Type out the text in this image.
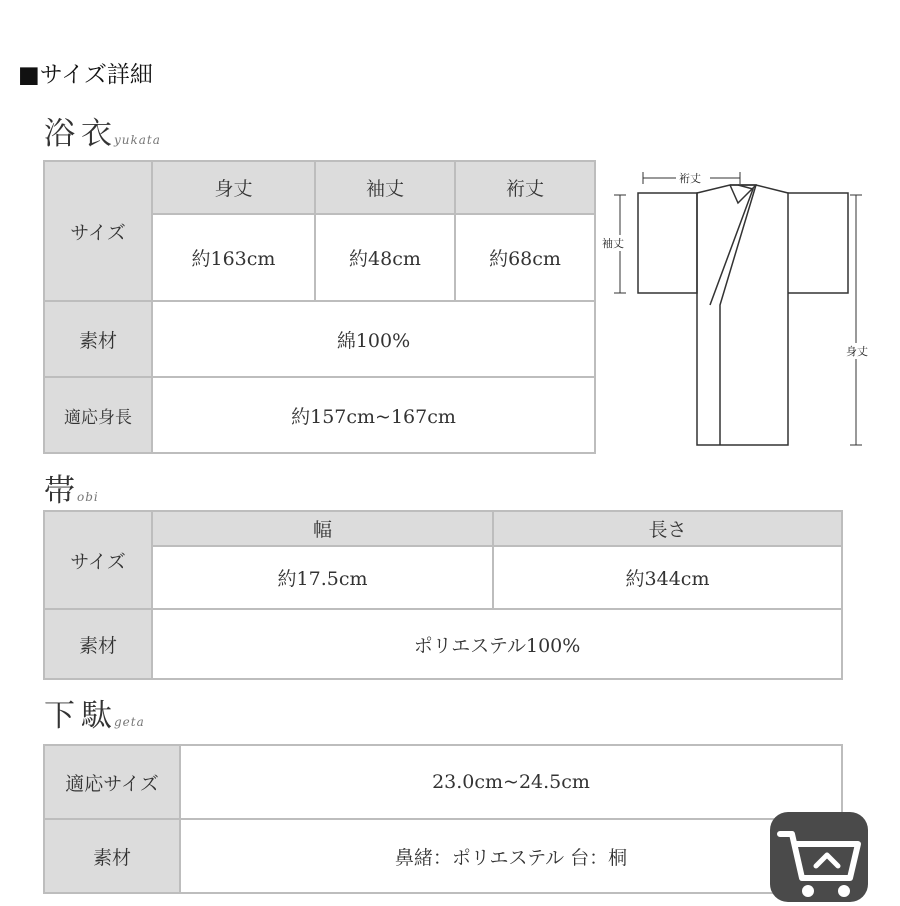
■サイズ詳細
浴衣yukata
サイズ	身丈	袖丈	裄丈
	約163cm	約48cm	約68cm
素材	綿100%		
適応身長	約157cm~167cm		
裄丈
袖丈
身丈
帯obi
サイズ	幅	長さ
	約17.5cm	約344cm
素材	ポリエステル100%	
下駄geta
適応サイズ	23.0cm~24.5cm
素材	鼻緒：ポリエステル 台：桐
